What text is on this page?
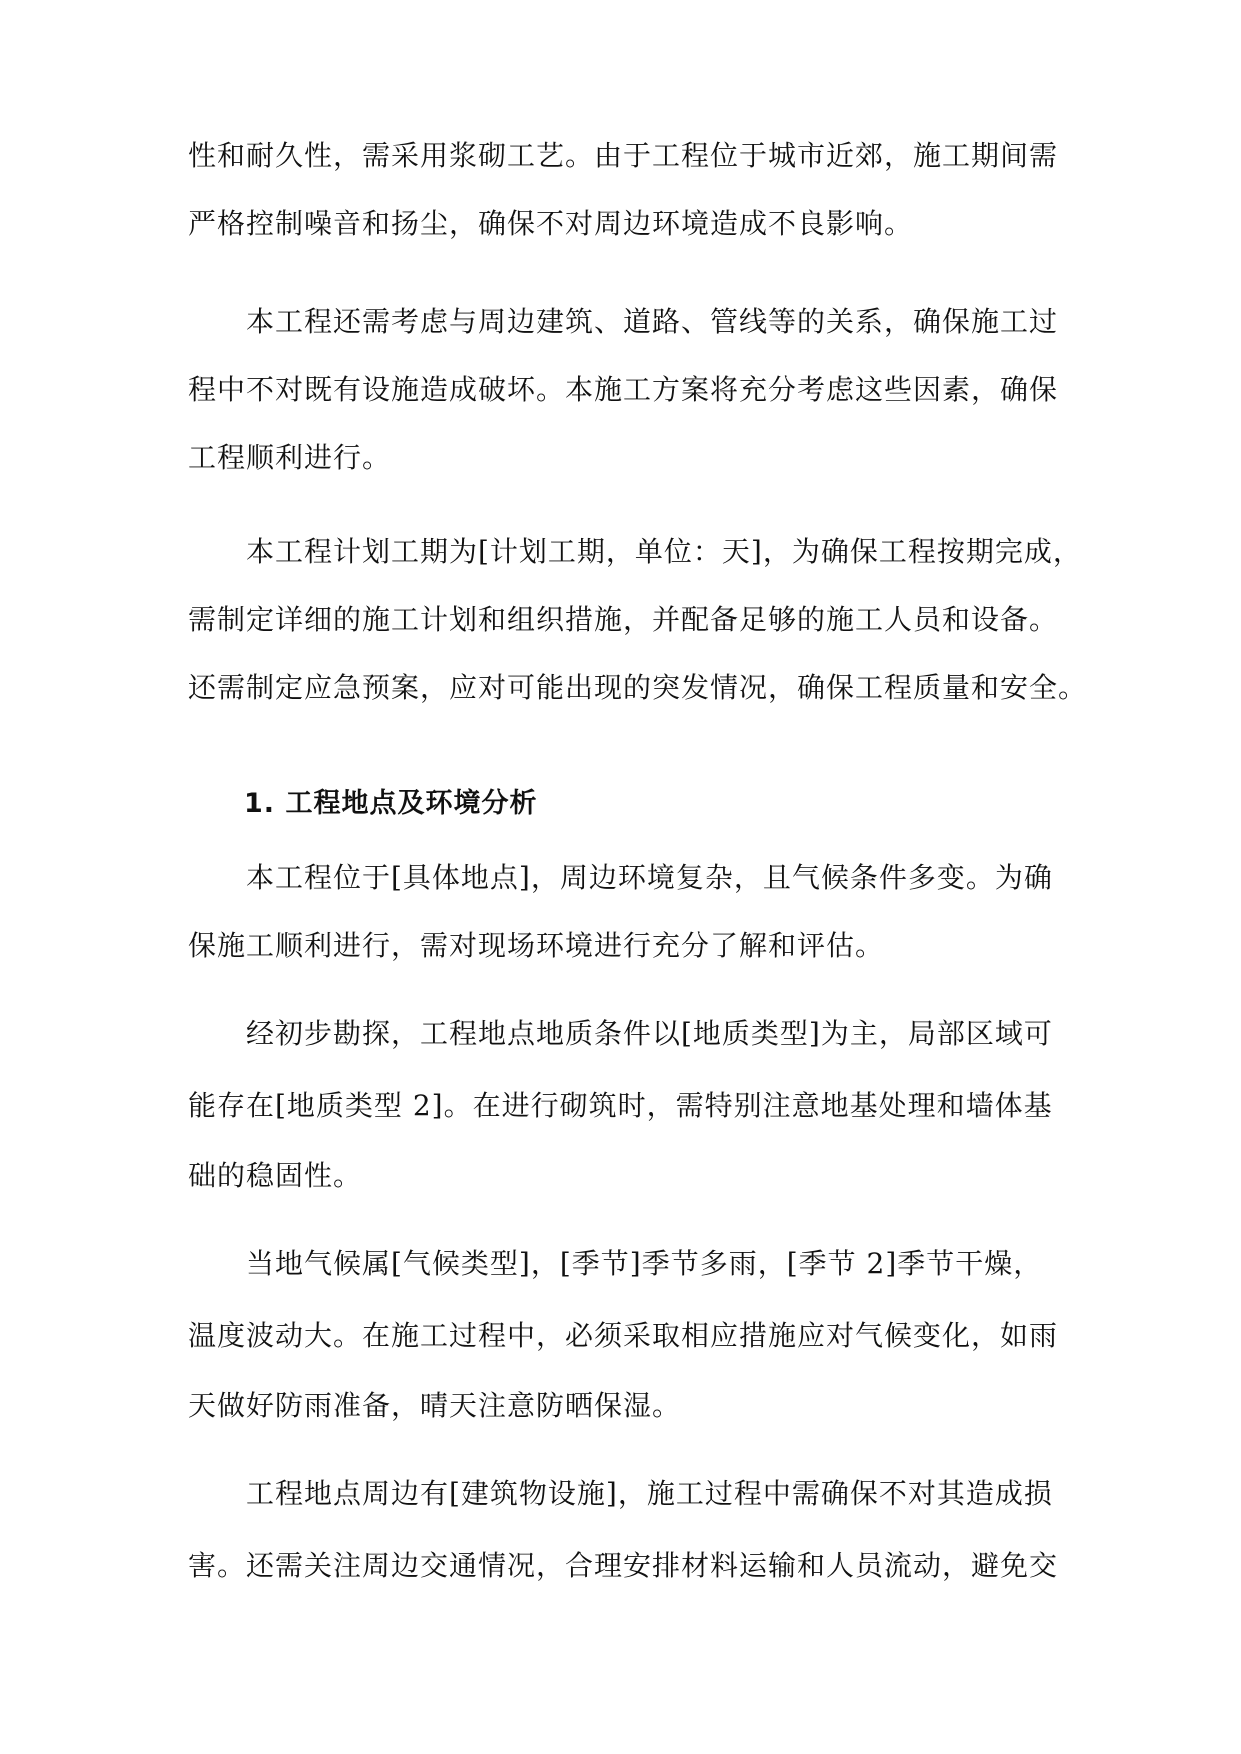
性和耐久性，需采用浆砌工艺。由于工程位于城市近郊，施工期间需
严格控制噪音和扬尘，确保不对周边环境造成不良影响。
本工程还需考虑与周边建筑、道路、管线等的关系，确保施工过
程中不对既有设施造成破坏。本施工方案将充分考虑这些因素，确保
工程顺利进行。
本工程计划工期为[计划工期，单位：天]，为确保工程按期完成，
需制定详细的施工计划和组织措施，并配备足够的施工人员和设备。
还需制定应急预案，应对可能出现的突发情况，确保工程质量和安全。
1. 工程地点及环境分析
本工程位于[具体地点]，周边环境复杂，且气候条件多变。为确
保施工顺利进行，需对现场环境进行充分了解和评估。
经初步勘探，工程地点地质条件以[地质类型]为主，局部区域可
能存在[地质类型 2]。在进行砌筑时，需特别注意地基处理和墙体基
础的稳固性。
当地气候属[气候类型]，[季节]季节多雨，[季节 2]季节干燥，
温度波动大。在施工过程中，必须采取相应措施应对气候变化，如雨
天做好防雨准备，晴天注意防晒保湿。
工程地点周边有[建筑物设施]，施工过程中需确保不对其造成损
害。还需关注周边交通情况，合理安排材料运输和人员流动，避免交
